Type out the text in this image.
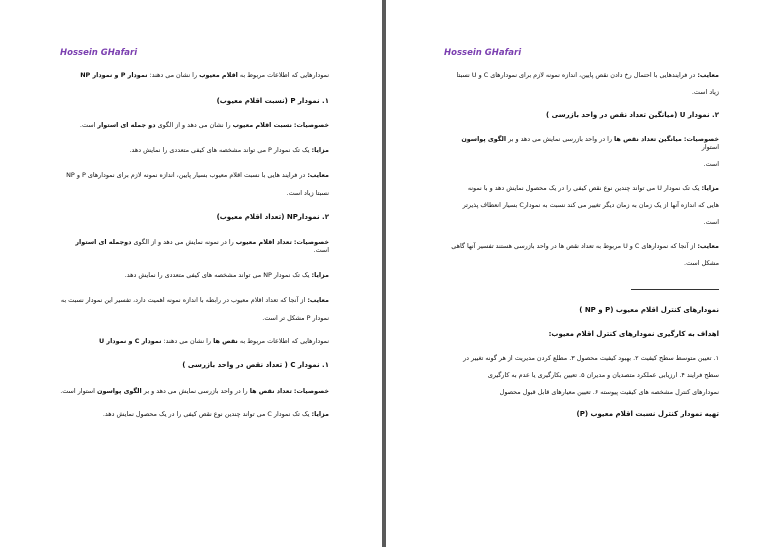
Hossein GHafari

نمودارهایی که اطلاعات مربوط به اقلام معیوب را نشان می دهند: نمودار P و نمودار NP

۱. نمودار P (نسبت اقلام معیوب)

خصوصیات: نسبت اقلام معیوب را نشان می دهد و از الگوی دو جمله ای استوار است.

مزایا: یک تک نمودار P می تواند مشخصه های کیفی متعددی را نمایش دهد.

معایب: در فرایند هایی با نسبت اقلام معیوب بسیار پایین، اندازه نمونه لازم برای نمودارهای P و NP

نسبتا زیاد است.

۲. نمودارNP (تعداد اقلام معیوب)

خصوصیات: تعداد اقلام معیوب را در نمونه نمایش می دهد و از الگوی دوجمله ای استوار است.

مزایا: یک تک نمودار NP می تواند مشخصه های کیفی متعددی را نمایش دهد.

معایب: از آنجا که تعداد اقلام معیوب در رابطه با اندازه نمونه اهمیت دارد، تفسیر این نمودار نسبت به

نمودار P مشکل تر است.

نمودارهایی که اطلاعات مربوط به نقص ها را نشان می دهند: نمودار C و نمودار U

۱. نمودار C ( تعداد نقص در واحد بازرسی )

خصوصیات: تعداد نقص ها را در واحد بازرسی نمایش می دهد و بر الگوی پواسون استوار است.

مزایا: یک تک نمودار C می تواند چندین نوع نقص کیفی را در یک محصول نمایش دهد.

Hossein GHafari

معایب: در فرایندهایی با احتمال رخ دادن نقص پایین، اندازه نمونه لازم برای نمودارهای C و U نسبتا

زیاد است.

۲. نمودار U (میانگین تعداد نقص در واحد بازرسی )

خصوصیات: میانگین تعداد نقص ها را در واحد بازرسی نمایش می دهد و بر الگوی پواسون استوار

است.

مزایا: یک تک نمودار U می تواند چندین نوع نقص کیفی را در یک محصول نمایش دهد و با نمونه

هایی که اندازه آنها از یک زمان به زمان دیگر تغییر می کند نسبت به نمودارC بسیار انعطاف پذیرتر

است.

معایب: از آنجا که نمودارهای C و U مربوط به تعداد نقص ها در واحد بازرسی هستند تفسیر آنها گاهی

مشکل است.

نمودارهای کنترل اقلام معیوب (P و NP )

اهداف به کارگیری نمودارهای کنترل اقلام معیوب:

۱. تعیین متوسط سطح کیفیت ۲. بهبود کیفیت محصول ۳. مطلع کردن مدیریت از هر گونه تغییر در

سطح فرایند ۴. ارزیابی عملکرد متصدیان و مدیران ۵. تعیین بکارگیری یا عدم به کارگیری

نمودارهای کنترل مشخصه های کیفیت پیوسته ۶. تعیین معیارهای قابل قبول محصول

تهیه نمودار کنترل نسبت اقلام معیوب (P)
